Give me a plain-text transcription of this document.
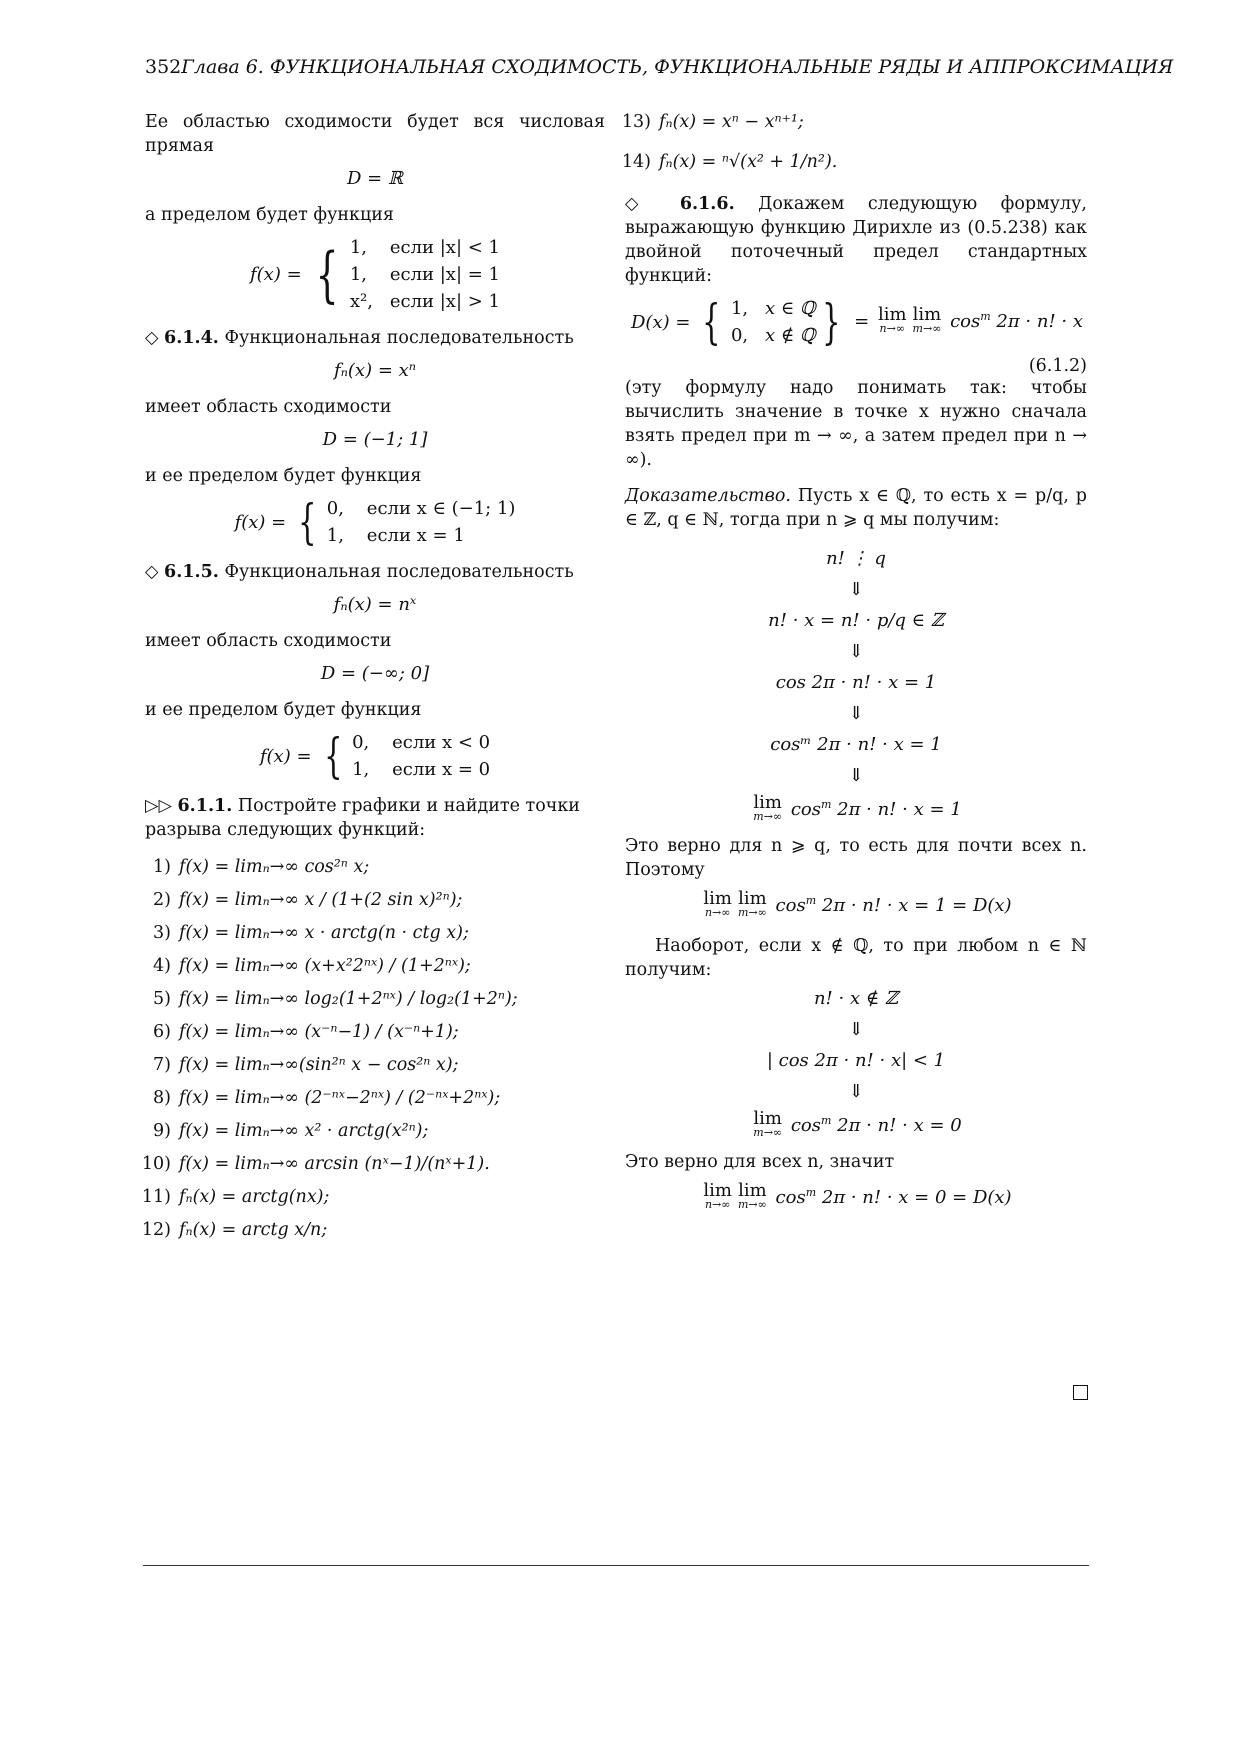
352Глава 6. ФУНКЦИОНАЛЬНАЯ СХОДИМОСТЬ, ФУНКЦИОНАЛЬНЫЕ РЯДЫ И АППРОКСИМАЦИЯ

Ее областью сходимости будет вся числовая прямая

D = ℝ

а пределом будет функция

f(x) = { 1,	если |x| < 1
1,	если |x| = 1
x², если |x| > 1
◇ 6.1.4. Функциональная последовательность
fₙ(x) = xⁿ

имеет область сходимости

D = (−1; 1]

и ее пределом будет функция

f(x) = { 0,	если x ∈ (−1; 1)
1,	если x = 1
◇ 6.1.5. Функциональная последовательность
fₙ(x) = nˣ

имеет область сходимости

D = (−∞; 0]

и ее пределом будет функция

f(x) = { 0,	если x < 0
1,	если x = 0
▷▷ 6.1.1. Постройте графики и найдите точки разрыва следующих функций:
1) f(x) = limₙ→∞ cos²ⁿ x;
2) f(x) = limₙ→∞ x / (1+(2 sin x)²ⁿ);
3) f(x) = limₙ→∞ x · arctg(n · ctg x);
4) f(x) = limₙ→∞ (x+x²2ⁿˣ) / (1+2ⁿˣ);
5) f(x) = limₙ→∞ log₂(1+2ⁿˣ) / log₂(1+2ⁿ);
6) f(x) = limₙ→∞ (x⁻ⁿ−1) / (x⁻ⁿ+1);
7) f(x) = limₙ→∞(sin²ⁿ x − cos²ⁿ x);
8) f(x) = limₙ→∞ (2⁻ⁿˣ−2ⁿˣ) / (2⁻ⁿˣ+2ⁿˣ);
9) f(x) = limₙ→∞ x² · arctg(x²ⁿ);
10) f(x) = limₙ→∞ arcsin (nˣ−1)/(nˣ+1).
11) fₙ(x) = arctg(nx);
12) fₙ(x) = arctg x/n;
13) fₙ(x) = xⁿ − xⁿ⁺¹;
14) fₙ(x) = ⁿ√(x² + 1/n²).

◇ 6.1.6. Докажем следующую формулу, выражающую функцию Дирихле из (0.5.238) как двойной поточечный предел стандартных функций:

D(x) = { 1, x ∈ ℚ
0, x ∉ ℚ } = lim
n→∞
lim
m→∞ $\cos^m 2\pi \cdot n$! · x
(6.1.2)

(эту формулу надо понимать так: чтобы вычислить значение в точке x нужно сначала взять предел при m → ∞, а затем предел при n → ∞).

Доказательство. Пусть x ∈ ℚ, то есть x = p/q, p ∈ ℤ, q ∈ ℕ, тогда при n ⩾ q мы получим:

n! ⋮ q
⇓
n! · x = n! · p/q ∈ ℤ
⇓
cos 2π · n! · x = 1
⇓
cosᵐ 2π · n! · x = 1
⇓
lim
m→∞ $\cos^m 2\pi \cdot n$! · x = 1

Это верно для n ⩾ q, то есть для почти всех n. Поэтому

lim
n→∞
lim
m→∞ $\cos^m 2\pi \cdot n$! · x = 1 = D(x)

Наоборот, если x ∉ ℚ, то при любом n ∈ ℕ получим:

n! · x ∉ ℤ
⇓
| cos 2π · n! · x| < 1
⇓
lim
m→∞ $\cos^m 2\pi \cdot n$! · x = 0

Это верно для всех n, значит

lim
n→∞
lim
m→∞ $\cos^m 2\pi \cdot n$! · x = 0 = D(x)
